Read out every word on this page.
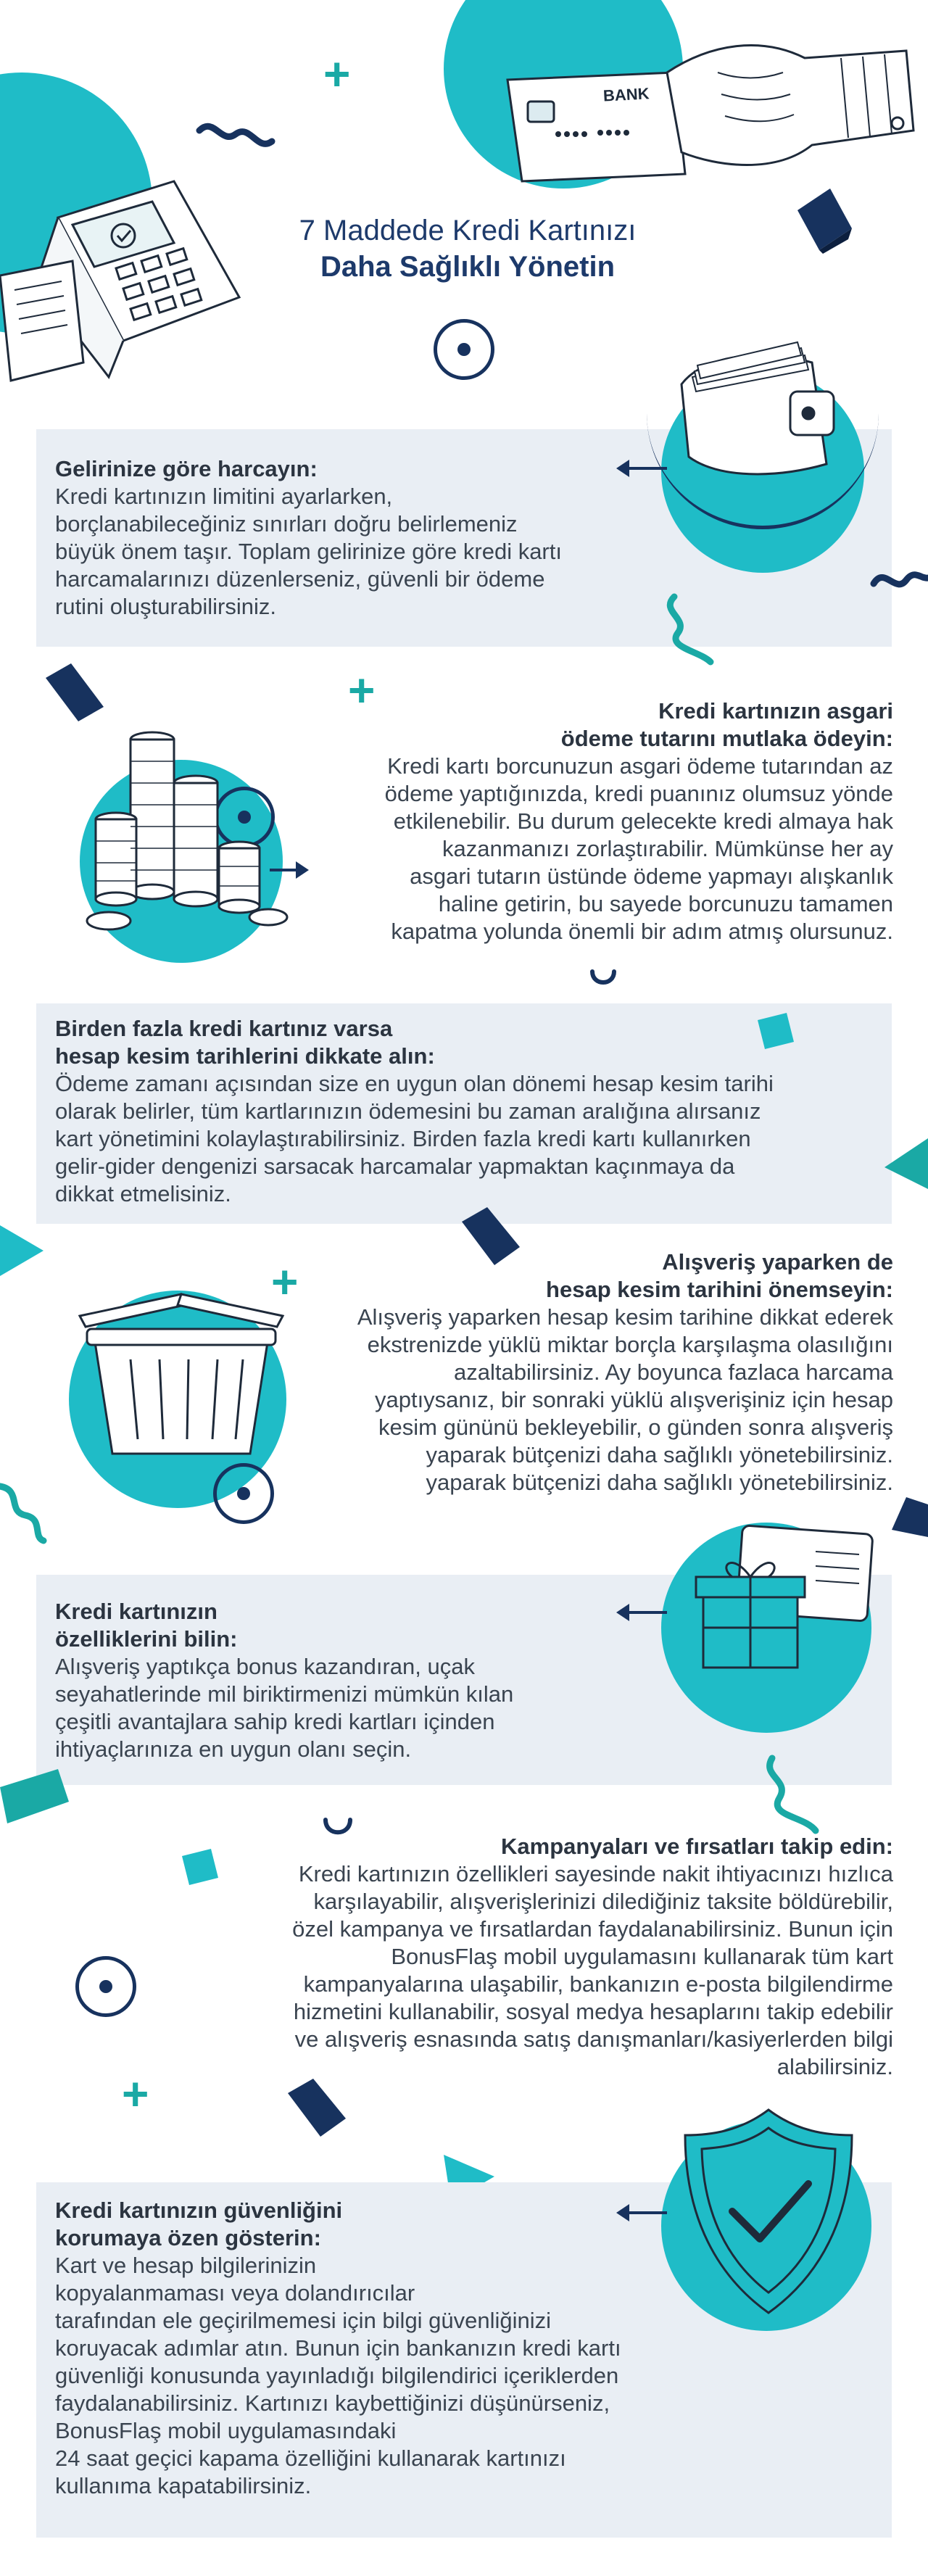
BANK
+
7 Maddede Kredi Kartınızı
Daha Sağlıklı Yönetin
Gelirinize göre harcayın:

Kredi kartınızın limitini ayarlarken,
borçlanabileceğiniz sınırları doğru belirlemeniz
büyük önem taşır. Toplam gelirinize göre kredi kartı
harcamalarınızı düzenlerseniz, güvenli bir ödeme
rutini oluşturabilirsiniz.

+	Kredi kartınızın asgari
ödeme tutarını mutlaka ödeyin:

Kredi kartı borcunuzun asgari ödeme tutarından az
ödeme yaptığınızda, kredi puanınız olumsuz yönde
etkilenebilir. Bu durum gelecekte kredi almaya hak
kazanmanızı zorlaştırabilir. Mümkünse her ay
asgari tutarın üstünde ödeme yapmayı alışkanlık
haline getirin, bu sayede borcunuzu tamamen
kapatma yolunda önemli bir adım atmış olursunuz.

Birden fazla kredi kartınız varsa
hesap kesim tarihlerini dikkate alın:

Ödeme zamanı açısından size en uygun olan dönemi hesap kesim tarihi
olarak belirler, tüm kartlarınızın ödemesini bu zaman aralığına alırsanız
kart yönetimini kolaylaştırabilirsiniz. Birden fazla kredi kartı kullanırken
gelir-gider dengenizi sarsacak harcamalar yapmaktan kaçınmaya da
dikkat etmelisiniz.

+	Alışveriş yaparken de
hesap kesim tarihini önemseyin:

Alışveriş yaparken hesap kesim tarihine dikkat ederek
ekstrenizde yüklü miktar borçla karşılaşma olasılığını
azaltabilirsiniz. Ay boyunca fazlaca harcama
yaptıysanız, bir sonraki yüklü alışverişiniz için hesap
kesim gününü bekleyebilir, o günden sonra alışveriş
yaparak bütçenizi daha sağlıklı yönetebilirsiniz.
yaparak bütçenizi daha sağlıklı yönetebilirsiniz.

Kredi kartınızın
özelliklerini bilin:

Alışveriş yaptıkça bonus kazandıran, uçak
seyahatlerinde mil biriktirmenizi mümkün kılan
çeşitli avantajlara sahip kredi kartları içinden
ihtiyaçlarınıza en uygun olanı seçin.

Kampanyaları ve fırsatları takip edin:

Kredi kartınızın özellikleri sayesinde nakit ihtiyacınızı hızlıca
karşılayabilir, alışverişlerinizi dilediğiniz taksite böldürebilir,
özel kampanya ve fırsatlardan faydalanabilirsiniz. Bunun için
BonusFlaş mobil uygulamasını kullanarak tüm kart
kampanyalarına ulaşabilir, bankanızın e-posta bilgilendirme
hizmetini kullanabilir, sosyal medya hesaplarını takip edebilir
ve alışveriş esnasında satış danışmanları/kasiyerlerden bilgi
alabilirsiniz.

+
Kredi kartınızın güvenliğini
korumaya özen gösterin:

Kart ve hesap bilgilerinizin
kopyalanmaması veya dolandırıcılar
tarafından ele geçirilmemesi için bilgi güvenliğinizi
koruyacak adımlar atın. Bunun için bankanızın kredi kartı
güvenliği konusunda yayınladığı bilgilendirici içeriklerden
faydalanabilirsiniz. Kartınızı kaybettiğinizi düşünürseniz,
BonusFlaş mobil uygulamasındaki
24 saat geçici kapama özelliğini kullanarak kartınızı
kullanıma kapatabilirsiniz.
